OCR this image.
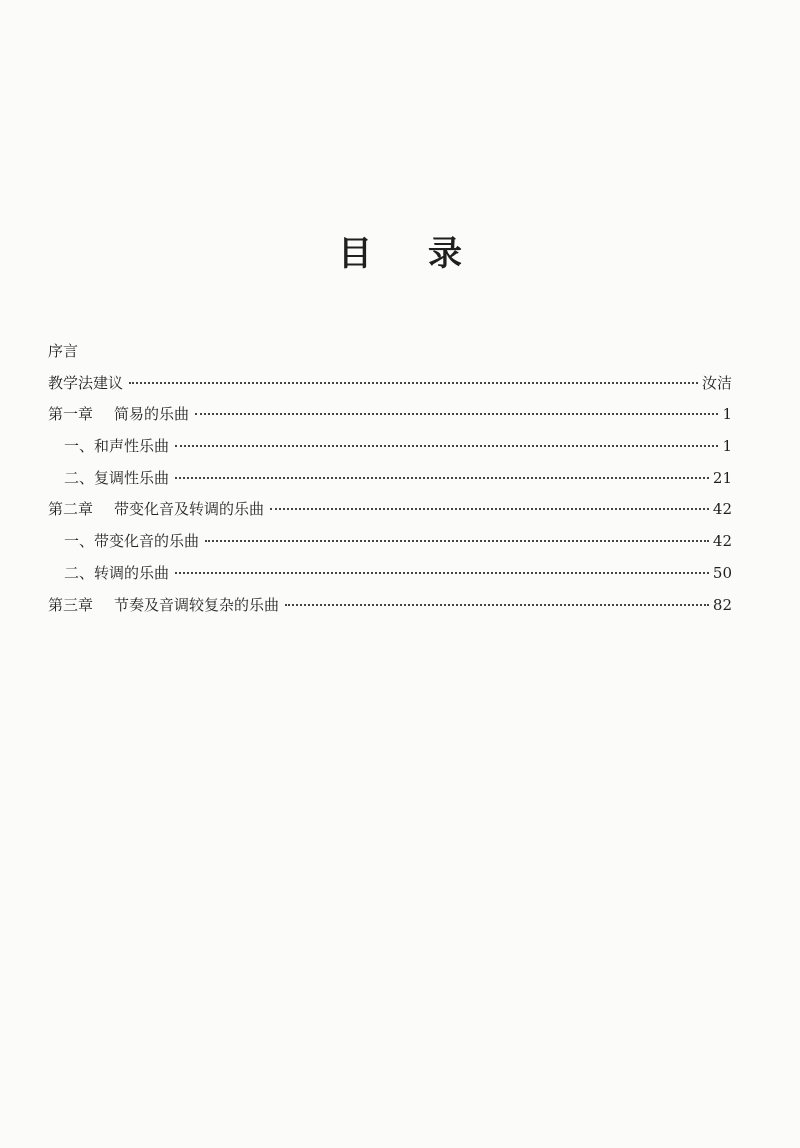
目 录
序言
教学法建议	汝洁
第一章 简易的乐曲	1
一、和声性乐曲	1
二、复调性乐曲	21
第二章 带变化音及转调的乐曲	42
一、带变化音的乐曲	42
二、转调的乐曲	50
第三章 节奏及音调较复杂的乐曲	82
